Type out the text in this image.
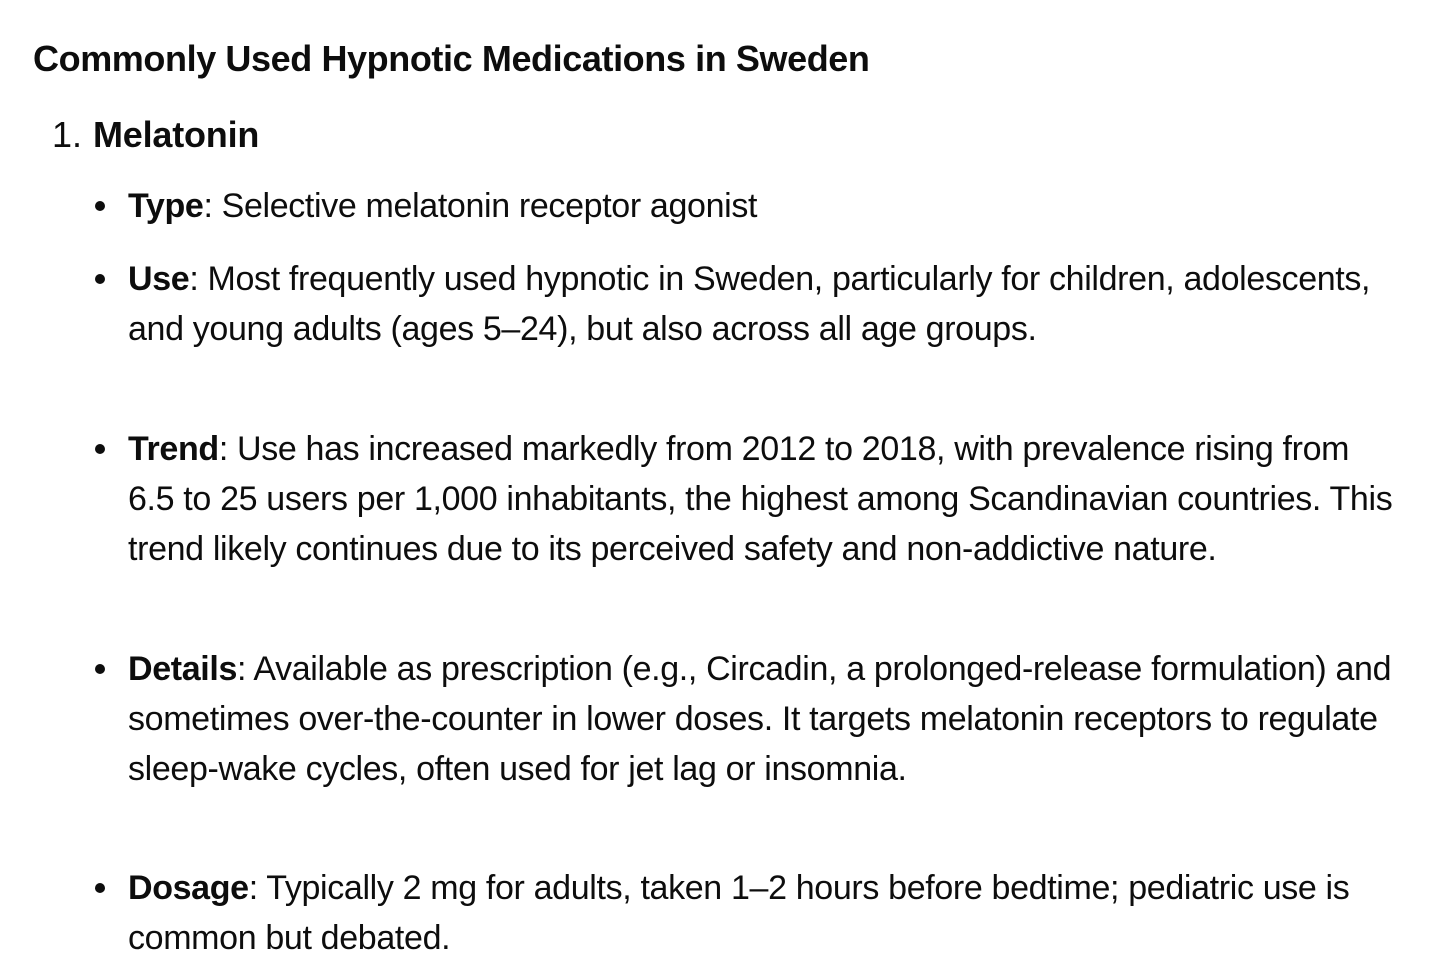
Commonly Used Hypnotic Medications in Sweden
1. Melatonin
Type: Selective melatonin receptor agonist
Use: Most frequently used hypnotic in Sweden, particularly for children, adolescents, and young adults (ages 5–24), but also across all age groups.
Trend: Use has increased markedly from 2012 to 2018, with prevalence rising from 6.5 to 25 users per 1,000 inhabitants, the highest among Scandinavian countries. This trend likely continues due to its perceived safety and non-addictive nature.
Details: Available as prescription (e.g., Circadin, a prolonged-release formulation) and sometimes over-the-counter in lower doses. It targets melatonin receptors to regulate sleep-wake cycles, often used for jet lag or insomnia.
Dosage: Typically 2 mg for adults, taken 1–2 hours before bedtime; pediatric use is common but debated.
